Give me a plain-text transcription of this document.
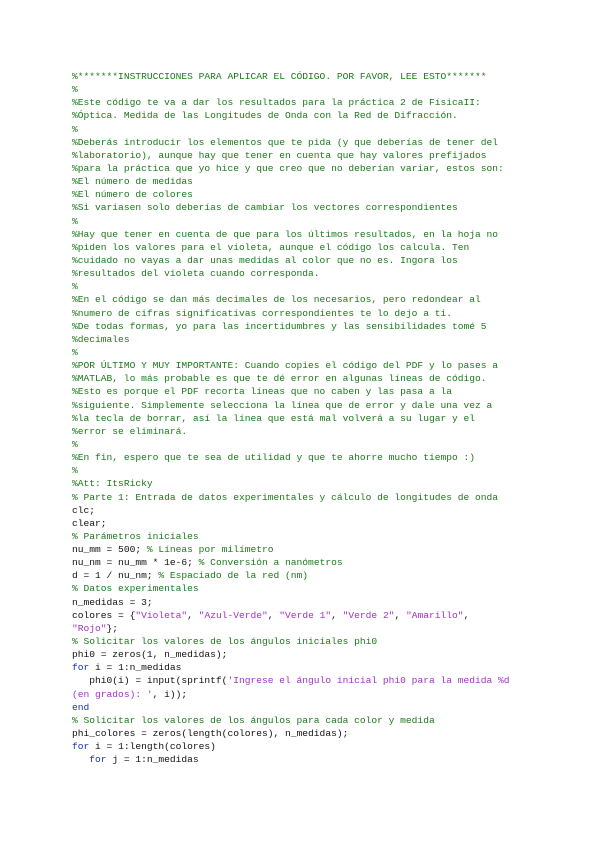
%*******INSTRUCCIONES PARA APLICAR EL CÓDIGO. POR FAVOR, LEE ESTO*******
%
%Este código te va a dar los resultados para la práctica 2 de FísicaII:
%Óptica. Medida de las Longitudes de Onda con la Red de Difracción.
%
%Deberás introducir los elementos que te pida (y que deberías de tener del
%laboratorio), aunque hay que tener en cuenta que hay valores prefijados
%para la práctica que yo hice y que creo que no deberían variar, estos son:
%El número de medidas
%El número de colores
%Si variasen solo deberías de cambiar los vectores correspondientes
%
%Hay que tener en cuenta de que para los últimos resultados, en la hoja no
%piden los valores para el violeta, aunque el código los calcula. Ten
%cuidado no vayas a dar unas medidas al color que no es. Ingora los
%resultados del violeta cuando corresponda.
%
%En el código se dan más decimales de los necesarios, pero redondear al
%numero de cifras significativas correspondientes te lo dejo a ti.
%De todas formas, yo para las incertidumbres y las sensibilidades tomé 5
%decimales
%
%POR ÚLTIMO Y MUY IMPORTANTE: Cuando copies el código del PDF y lo pases a
%MATLAB, lo más probable es que te dé error en algunas líneas de código.
%Esto es porque el PDF recorta líneas que no caben y las pasa a la
%siguiente. Simplemente selecciona la línea que de error y dale una vez a
%la tecla de borrar, así la línea que está mal volverá a su lugar y el
%error se eliminará.
%
%En fin, espero que te sea de utilidad y que te ahorre mucho tiempo :)
%
%Att: ItsRicky
% Parte 1: Entrada de datos experimentales y cálculo de longitudes de onda
clc;
clear;
% Parámetros iniciales
nu_mm = 500; % Líneas por milímetro
nu_nm = nu_mm * 1e-6; % Conversión a nanómetros
d = 1 / nu_nm; % Espaciado de la red (nm)
% Datos experimentales
n_medidas = 3;
colores = {"Violeta", "Azul-Verde", "Verde 1", "Verde 2", "Amarillo",
"Rojo"};
% Solicitar los valores de los ángulos iniciales phi0
phi0 = zeros(1, n_medidas);
for i = 1:n_medidas
phi0(i) = input(sprintf('Ingrese el ángulo inicial phi0 para la medida %d
(en grados): ', i));
end
% Solicitar los valores de los ángulos para cada color y medida
phi_colores = zeros(length(colores), n_medidas);
for i = 1:length(colores)
for j = 1:n_medidas
